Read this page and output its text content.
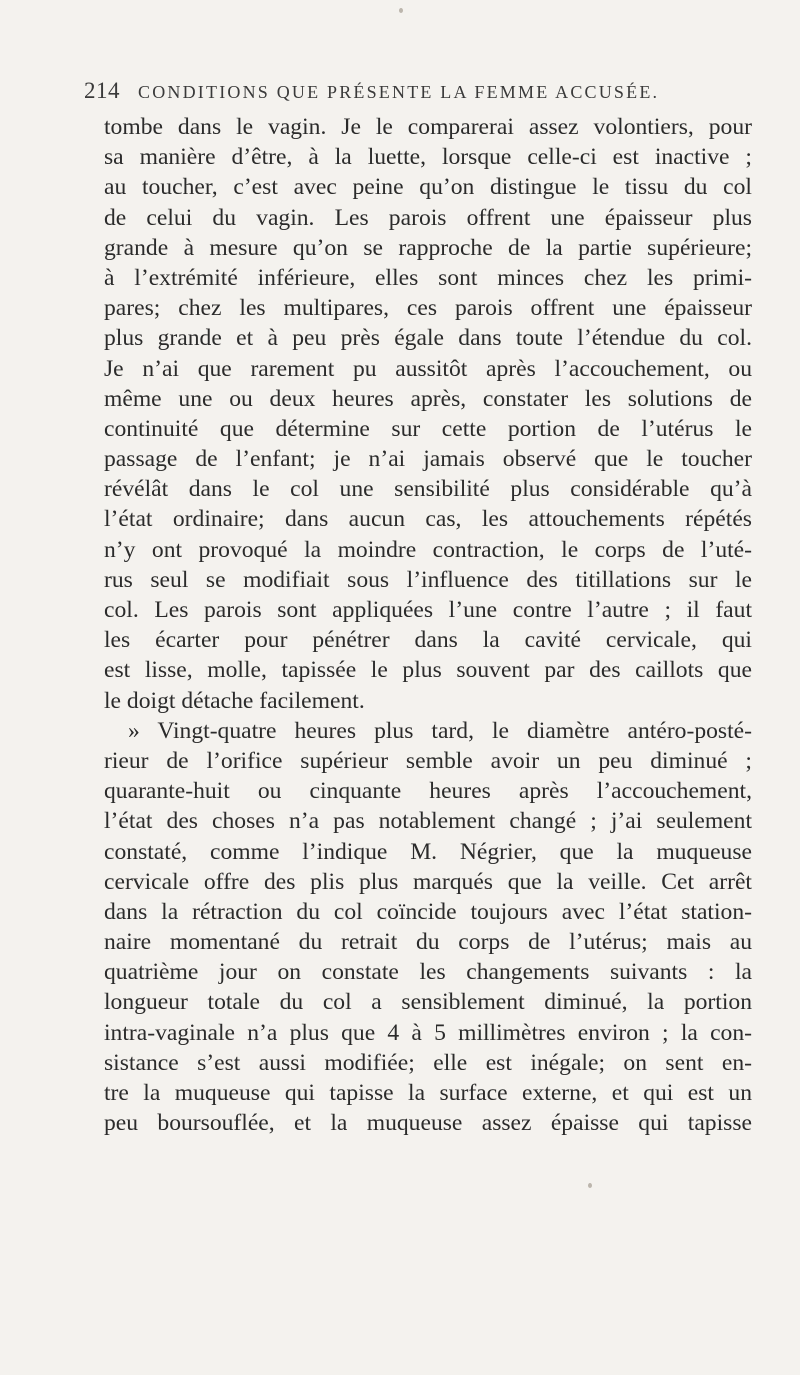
214 CONDITIONS QUE PRÉSENTE LA FEMME ACCUSÉE.
tombe dans le vagin. Je le comparerai assez volontiers, pour
sa manière d’être, à la luette, lorsque celle-ci est inactive ;
au toucher, c’est avec peine qu’on distingue le tissu du col
de celui du vagin. Les parois offrent une épaisseur plus
grande à mesure qu’on se rapproche de la partie supérieure;
à l’extrémité inférieure, elles sont minces chez les primi-
pares; chez les multipares, ces parois offrent une épaisseur
plus grande et à peu près égale dans toute l’étendue du col.
Je n’ai que rarement pu aussitôt après l’accouchement, ou
même une ou deux heures après, constater les solutions de
continuité que détermine sur cette portion de l’utérus le
passage de l’enfant; je n’ai jamais observé que le toucher
révélât dans le col une sensibilité plus considérable qu’à
l’état ordinaire; dans aucun cas, les attouchements répétés
n’y ont provoqué la moindre contraction, le corps de l’uté-
rus seul se modifiait sous l’influence des titillations sur le
col. Les parois sont appliquées l’une contre l’autre ; il faut
les écarter pour pénétrer dans la cavité cervicale, qui
est lisse, molle, tapissée le plus souvent par des caillots que
le doigt détache facilement.
» Vingt-quatre heures plus tard, le diamètre antéro-posté-
rieur de l’orifice supérieur semble avoir un peu diminué ;
quarante-huit ou cinquante heures après l’accouchement,
l’état des choses n’a pas notablement changé ; j’ai seulement
constaté, comme l’indique M. Négrier, que la muqueuse
cervicale offre des plis plus marqués que la veille. Cet arrêt
dans la rétraction du col coïncide toujours avec l’état station-
naire momentané du retrait du corps de l’utérus; mais au
quatrième jour on constate les changements suivants : la
longueur totale du col a sensiblement diminué, la portion
intra-vaginale n’a plus que 4 à 5 millimètres environ ; la con-
sistance s’est aussi modifiée; elle est inégale; on sent en-
tre la muqueuse qui tapisse la surface externe, et qui est un
peu boursouflée, et la muqueuse assez épaisse qui tapisse
